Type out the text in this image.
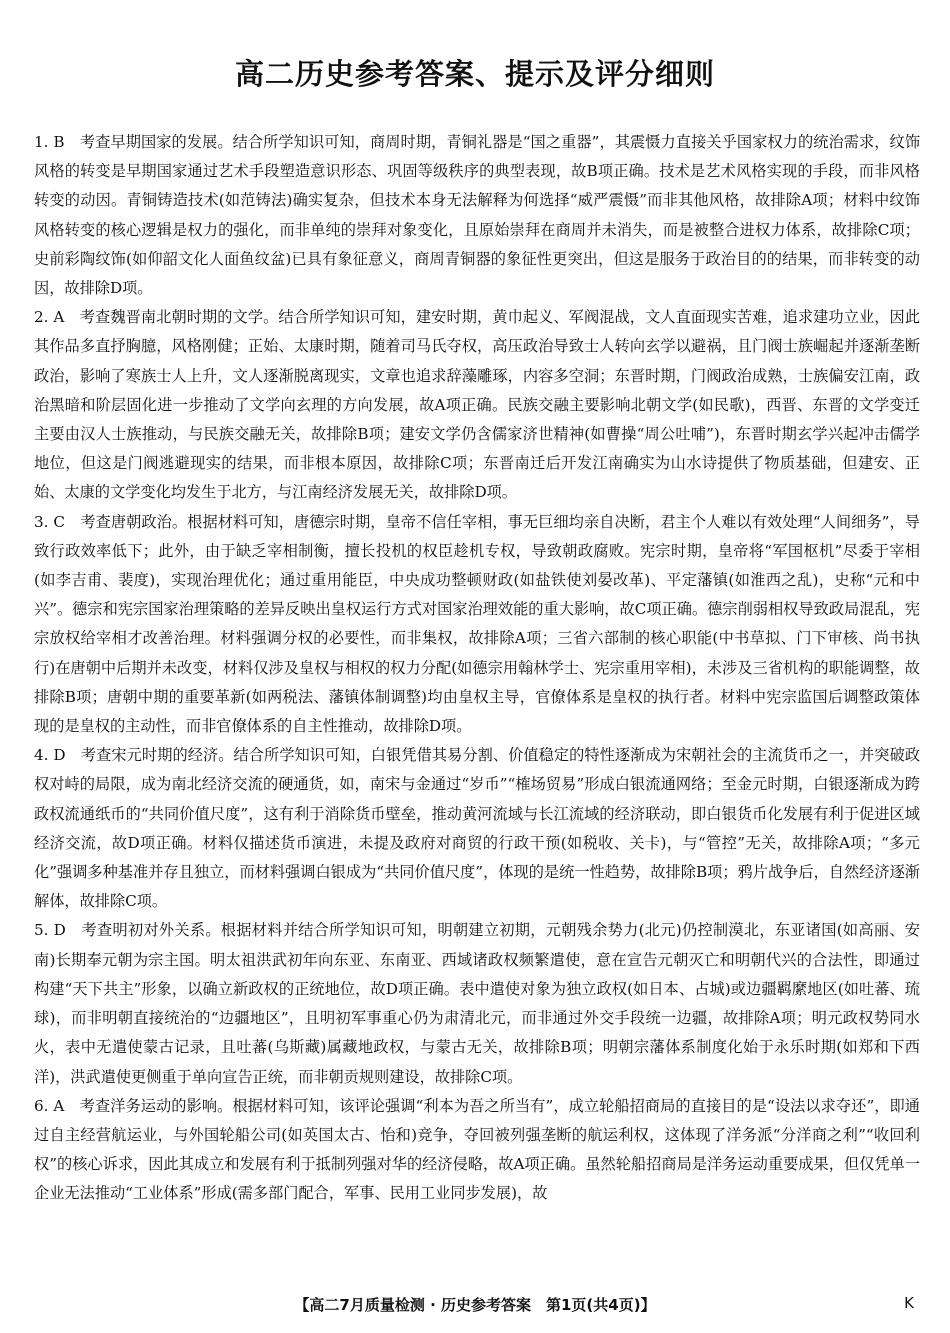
高二历史参考答案、提示及评分细则

1. B　 考查早期国家的发展。结合所学知识可知，商周时期，青铜礼器是“国之重器”，其震慑力直接关乎国家权力的统治需求，纹饰风格的转变是早期国家通过艺术手段塑造意识形态、巩固等级秩序的典型表现，故B项正确。技术是艺术风格实现的手段，而非风格转变的动因。青铜铸造技术(如范铸法)确实复杂，但技术本身无法解释为何选择“威严震慑”而非其他风格，故排除A项；材料中纹饰风格转变的核心逻辑是权力的强化，而非单纯的崇拜对象变化，且原始崇拜在商周并未消失，而是被整合进权力体系，故排除C项；史前彩陶纹饰(如仰韶文化人面鱼纹盆)已具有象征意义，商周青铜器的象征性更突出，但这是服务于政治目的的结果，而非转变的动因，故排除D项。

2. A　 考查魏晋南北朝时期的文学。结合所学知识可知，建安时期，黄巾起义、军阀混战，文人直面现实苦难，追求建功立业，因此其作品多直抒胸臆，风格刚健；正始、太康时期，随着司马氏夺权，高压政治导致士人转向玄学以避祸，且门阀士族崛起并逐渐垄断政治，影响了寒族士人上升，文人逐渐脱离现实，文章也追求辞藻雕琢，内容多空洞；东晋时期，门阀政治成熟，士族偏安江南，政治黑暗和阶层固化进一步推动了文学向玄理的方向发展，故A项正确。民族交融主要影响北朝文学(如民歌)，西晋、东晋的文学变迁主要由汉人士族推动，与民族交融无关，故排除B项；建安文学仍含儒家济世精神(如曹操“周公吐哺”)，东晋时期玄学兴起冲击儒学地位，但这是门阀逃避现实的结果，而非根本原因，故排除C项；东晋南迁后开发江南确实为山水诗提供了物质基础，但建安、正始、太康的文学变化均发生于北方，与江南经济发展无关，故排除D项。

3. C　 考查唐朝政治。根据材料可知，唐德宗时期，皇帝不信任宰相，事无巨细均亲自决断，君主个人难以有效处理“人间细务”，导致行政效率低下；此外，由于缺乏宰相制衡，擅长投机的权臣趁机专权，导致朝政腐败。宪宗时期，皇帝将“军国枢机”尽委于宰相(如李吉甫、裴度)，实现治理优化；通过重用能臣，中央成功整顿财政(如盐铁使刘晏改革)、平定藩镇(如淮西之乱)，史称“元和中兴”。德宗和宪宗国家治理策略的差异反映出皇权运行方式对国家治理效能的重大影响，故C项正确。德宗削弱相权导致政局混乱，宪宗放权给宰相才改善治理。材料强调分权的必要性，而非集权，故排除A项；三省六部制的核心职能(中书草拟、门下审核、尚书执行)在唐朝中后期并未改变，材料仅涉及皇权与相权的权力分配(如德宗用翰林学士、宪宗重用宰相)，未涉及三省机构的职能调整，故排除B项；唐朝中期的重要革新(如两税法、藩镇体制调整)均由皇权主导，官僚体系是皇权的执行者。材料中宪宗监国后调整政策体现的是皇权的主动性，而非官僚体系的自主性推动，故排除D项。

4. D　 考查宋元时期的经济。结合所学知识可知，白银凭借其易分割、价值稳定的特性逐渐成为宋朝社会的主流货币之一，并突破政权对峙的局限，成为南北经济交流的硬通货，如，南宋与金通过“岁币”“榷场贸易”形成白银流通网络；至金元时期，白银逐渐成为跨政权流通纸币的“共同价值尺度”，这有利于消除货币壁垒，推动黄河流域与长江流域的经济联动，即白银货币化发展有利于促进区域经济交流，故D项正确。材料仅描述货币演进，未提及政府对商贸的行政干预(如税收、关卡)，与“管控”无关，故排除A项；“多元化”强调多种基准并存且独立，而材料强调白银成为“共同价值尺度”，体现的是统一性趋势，故排除B项；鸦片战争后，自然经济逐渐解体，故排除C项。

5. D　 考查明初对外关系。根据材料并结合所学知识可知，明朝建立初期，元朝残余势力(北元)仍控制漠北，东亚诸国(如高丽、安南)长期奉元朝为宗主国。明太祖洪武初年向东亚、东南亚、西域诸政权频繁遣使，意在宣告元朝灭亡和明朝代兴的合法性，即通过构建“天下共主”形象，以确立新政权的正统地位，故D项正确。表中遣使对象为独立政权(如日本、占城)或边疆羁縻地区(如吐蕃、琉球)，而非明朝直接统治的“边疆地区”，且明初军事重心仍为肃清北元，而非通过外交手段统一边疆，故排除A项；明元政权势同水火，表中无遣使蒙古记录，且吐蕃(乌斯藏)属藏地政权，与蒙古无关，故排除B项；明朝宗藩体系制度化始于永乐时期(如郑和下西洋)，洪武遣使更侧重于单向宣告正统，而非朝贡规则建设，故排除C项。

6. A　 考查洋务运动的影响。根据材料可知，该评论强调“利本为吾之所当有”，成立轮船招商局的直接目的是“设法以求夺还”，即通过自主经营航运业，与外国轮船公司(如英国太古、怡和)竞争，夺回被列强垄断的航运利权，这体现了洋务派“分洋商之利”“收回利权”的核心诉求，因此其成立和发展有利于抵制列强对华的经济侵略，故A项正确。虽然轮船招商局是洋务运动重要成果，但仅凭单一企业无法推动“工业体系”形成(需多部门配合，军事、民用工业同步发展)，故

【高二7月质量检测 · 历史参考答案　第1页(共4页)】	K
